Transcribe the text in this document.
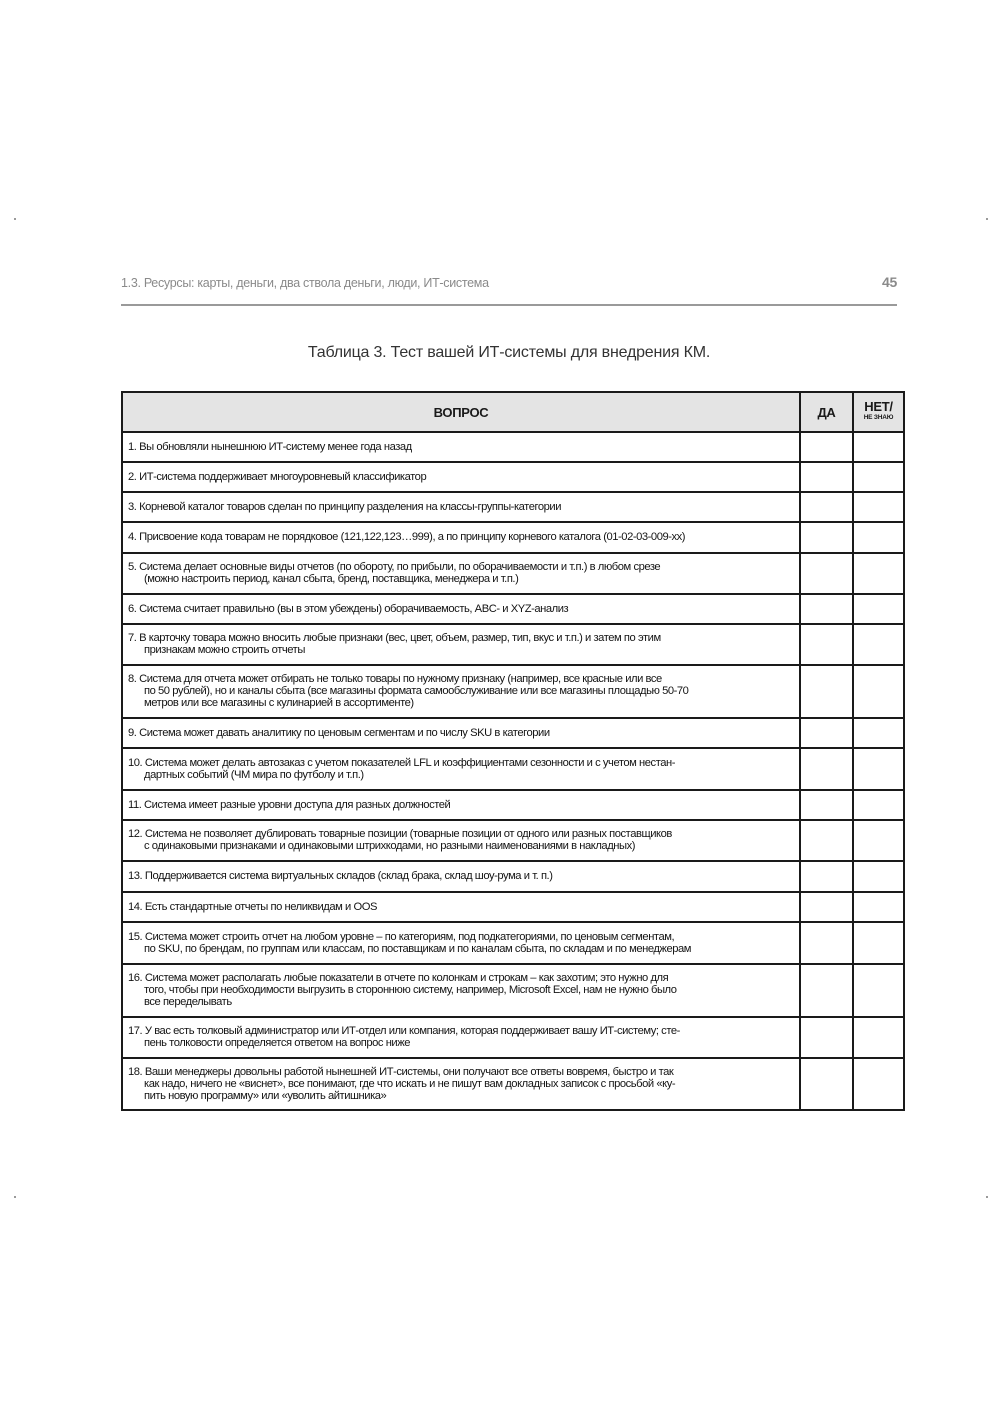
1.3. Ресурсы: карты, деньги, два ствола деньги, люди, ИТ-система	45
Таблица 3. Тест вашей ИТ-системы для внедрения КМ.
ВОПРОС	ДА	НЕТ/
НЕ ЗНАЮ

1. Вы обновляли нынешнюю ИТ-систему менее года назад		
2. ИТ-система поддерживает многоуровневый классификатор		
3. Корневой каталог товаров сделан по принципу разделения на классы-группы-категории		
4. Присвоение кода товарам не порядковое (121,122,123…999), а по принципу корневого каталога (01-02-03-009-xx)		
5. Система делает основные виды отчетов (по обороту, по прибыли, по оборачиваемости и т.п.) в любом срезе
(можно настроить период, канал сбыта, бренд, поставщика, менеджера и т.п.)		

6. Система считает правильно (вы в этом убеждены) оборачиваемость, ABC- и XYZ-анализ		
7. В карточку товара можно вносить любые признаки (вес, цвет, объем, размер, тип, вкус и т.п.) и затем по этим
признакам можно строить отчеты		

8. Система для отчета может отбирать не только товары по нужному признаку (например, все красные или все
по 50 рублей), но и каналы сбыта (все магазины формата самообслуживание или все магазины площадью 50-70
метров или все магазины с кулинарией в ассортименте)		

9. Система может давать аналитику по ценовым сегментам и по числу SKU в категории		
10. Система может делать автозаказ с учетом показателей LFL и коэффициентами сезонности и с учетом нестан-
дартных событий (ЧМ мира по футболу и т.п.)		

11. Система имеет разные уровни доступа для разных должностей		
12. Система не позволяет дублировать товарные позиции (товарные позиции от одного или разных поставщиков
с одинаковыми признаками и одинаковыми штрихкодами, но разными наименованиями в накладных)		

13. Поддерживается система виртуальных складов (склад брака, склад шоу-рума и т. п.)		
14. Есть стандартные отчеты по неликвидам и OOS		
15. Система может строить отчет на любом уровне – по категориям, под подкатегориями, по ценовым сегментам,
по SKU, по брендам, по группам или классам, по поставщикам и по каналам сбыта, по складам и по менеджерам		

16. Система может располагать любые показатели в отчете по колонкам и строкам – как захотим; это нужно для
того, чтобы при необходимости выгрузить в стороннюю систему, например, Microsoft Excel, нам не нужно было
все переделывать		

17. У вас есть толковый администратор или ИТ-отдел или компания, которая поддерживает вашу ИТ-систему; сте-
пень толковости определяется ответом на вопрос ниже		

18. Ваши менеджеры довольны работой нынешней ИТ-системы, они получают все ответы вовремя, быстро и так
как надо, ничего не «виснет», все понимают, где что искать и не пишут вам докладных записок с просьбой «ку-
пить новую программу» или «уволить айтишника»		
